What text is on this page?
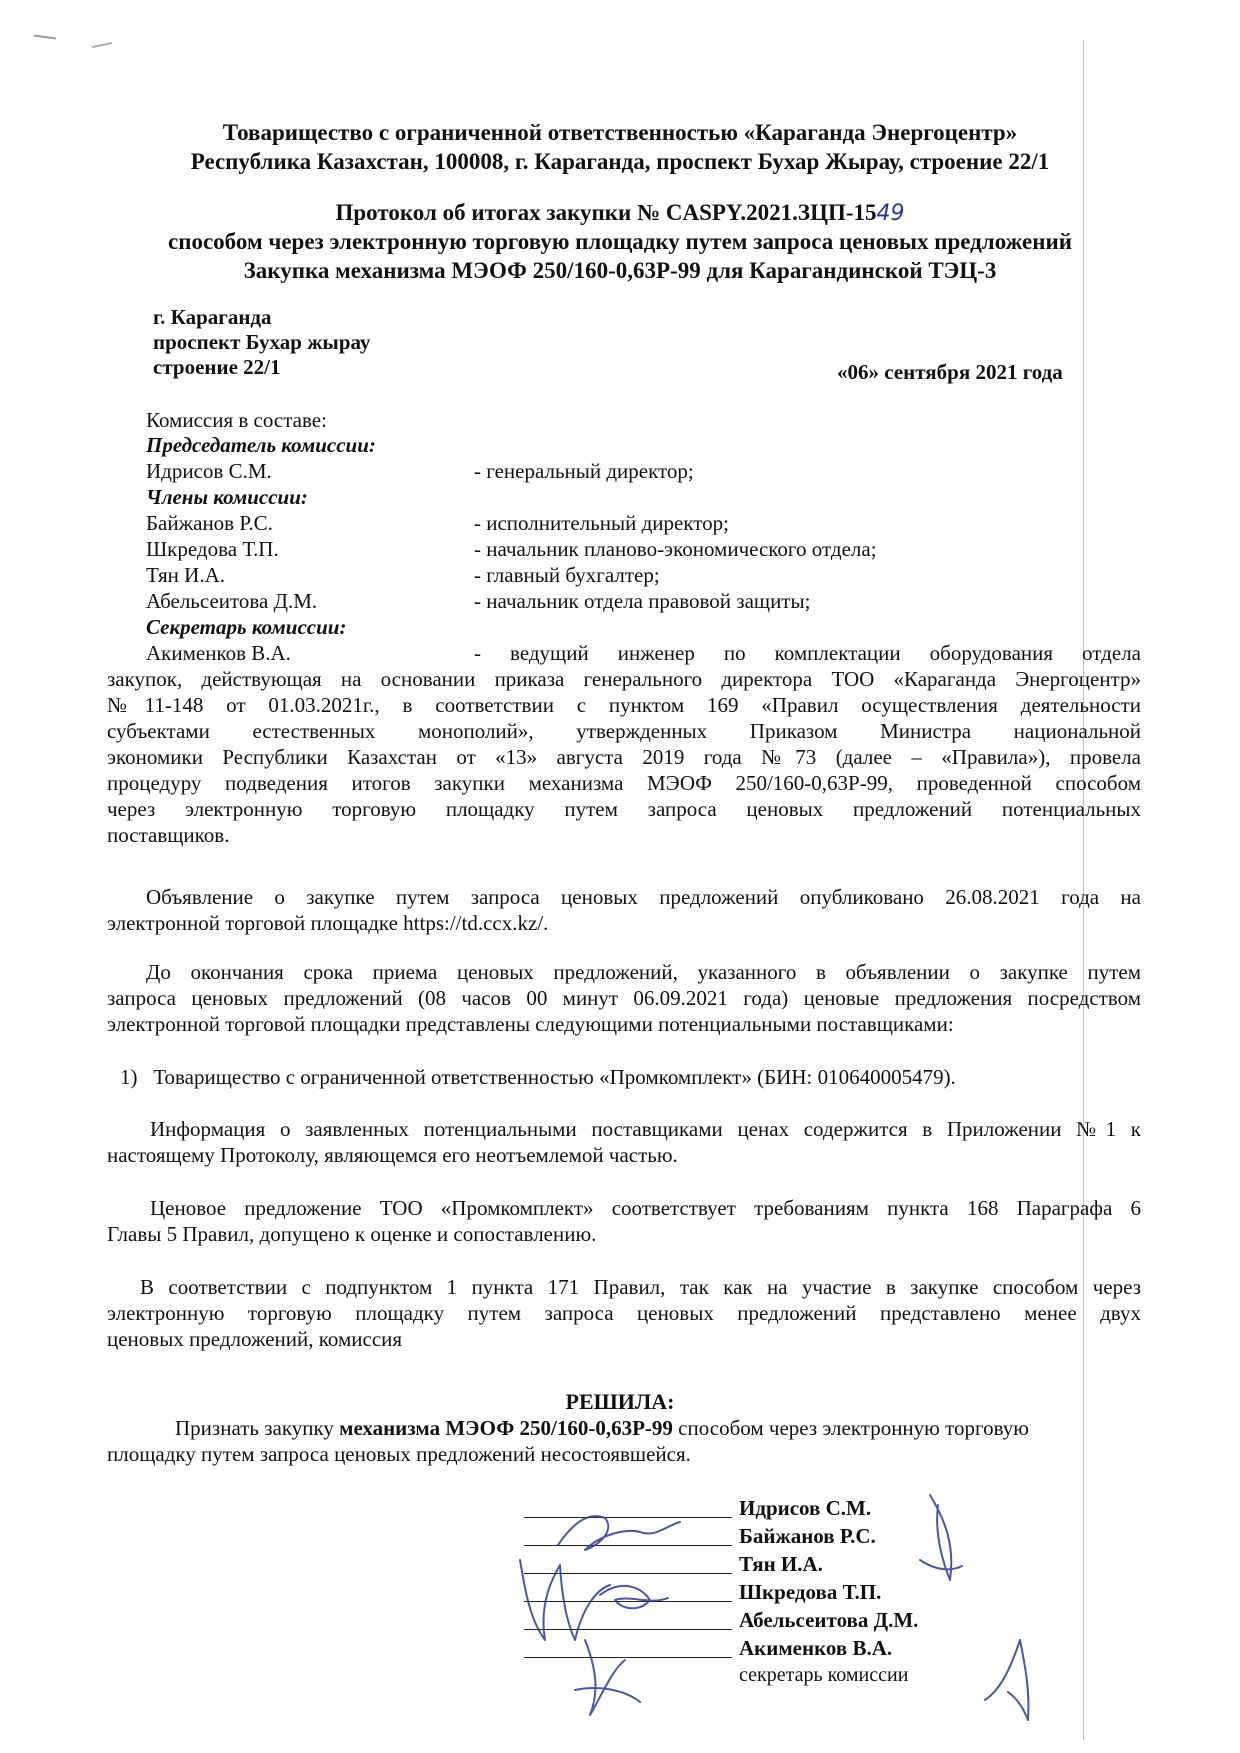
Товарищество с ограниченной ответственностью «Караганда Энергоцентр»
Республика Казахстан, 100008, г. Караганда, проспект Бухар Жырау, строение 22/1
Протокол об итогах закупки № CASPY.2021.ЗЦП-1549
способом через электронную торговую площадку путем запроса ценовых предложений
Закупка механизма МЭОФ 250/160-0,63Р-99 для Карагандинской ТЭЦ-3
г. Караганда
проспект Бухар жырау
строение 22/1	«06» сентября 2021 года
Комиссия в составе:
Председатель комиссии:
Идрисов С.М.	- генеральный директор;
Члены комиссии:
Байжанов Р.С.	- исполнительный директор;
Шкредова Т.П.	- начальник планово-экономического отдела;
Тян И.А.	- главный бухгалтер;
Абельсеитова Д.М.	- начальник отдела правовой защиты;
Секретарь комиссии:
Акименков В.А.	- ведущий инженер по комплектации оборудования отдела
закупок, действующая на основании приказа генерального директора ТОО «Караганда Энергоцентр»
№11-148 от 01.03.2021г., в соответствии с пунктом 169 «Правил осуществления деятельности
субъектами естественных монополий», утвержденных Приказом Министра национальной
экономики Республики Казахстан от «13» августа 2019 года №73 (далее – «Правила»), провела
процедуру подведения итогов закупки механизма МЭОФ 250/160-0,63Р-99, проведенной способом
через электронную торговую площадку путем запроса ценовых предложений потенциальных
поставщиков.
Объявление о закупке путем запроса ценовых предложений опубликовано 26.08.2021 года на
электронной торговой площадке https://td.ccx.kz/.
До окончания срока приема ценовых предложений, указанного в объявлении о закупке путем
запроса ценовых предложений (08 часов 00 минут 06.09.2021 года) ценовые предложения посредством
электронной торговой площадки представлены следующими потенциальными поставщиками:
1)   Товарищество с ограниченной ответственностью «Промкомплект» (БИН: 010640005479).
Информация о заявленных потенциальными поставщиками ценах содержится в Приложении №1 к
настоящему Протоколу, являющемся его неотъемлемой частью.
Ценовое предложение ТОО «Промкомплект» соответствует требованиям пункта 168 Параграфа 6
Главы 5 Правил, допущено к оценке и сопоставлению.
В соответствии с подпунктом 1 пункта 171 Правил, так как на участие в закупке способом через
электронную торговую площадку путем запроса ценовых предложений представлено менее двух
ценовых предложений, комиссия
РЕШИЛА:
Признать закупку механизма МЭОФ 250/160-0,63Р-99 способом через электронную торговую
площадку путем запроса ценовых предложений несостоявшейся.
Идрисов С.М.
Байжанов Р.С.
Тян И.А.
Шкредова Т.П.
Абельсеитова Д.М.
Акименков В.А.
секретарь комиссии
